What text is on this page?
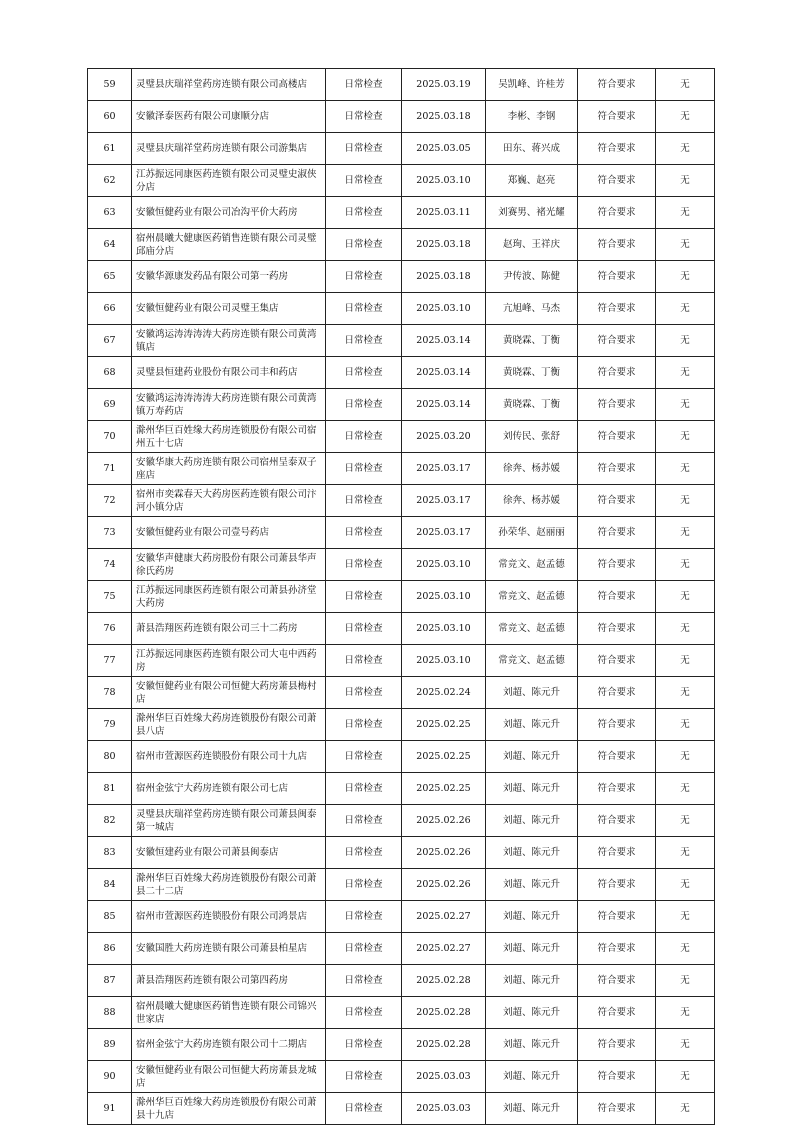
59	灵璧县庆瑞祥堂药房连锁有限公司高楼店	日常检查	2025.03.19	吴凯峰、许桂芳	符合要求	无
60	安徽泽泰医药有限公司康顺分店	日常检查	2025.03.18	李彬、李钢	符合要求	无
61	灵璧县庆瑞祥堂药房连锁有限公司游集店	日常检查	2025.03.05	田东、蒋兴成	符合要求	无
62	江苏振远同康医药连锁有限公司灵璧史淑侠分店	日常检查	2025.03.10	郑巍、赵亮	符合要求	无
63	安徽恒健药业有限公司冶沟平价大药房	日常检查	2025.03.11	刘赛男、褚光耀	符合要求	无
64	宿州晨曦大健康医药销售连锁有限公司灵璧邱庙分店	日常检查	2025.03.18	赵珣、王祥庆	符合要求	无
65	安徽华源康发药品有限公司第一药房	日常检查	2025.03.18	尹传波、陈健	符合要求	无
66	安徽恒健药业有限公司灵璧王集店	日常检查	2025.03.10	亢旭峰、马杰	符合要求	无
67	安徽鸿运涛涛涛涛大药房连锁有限公司黄湾镇店	日常检查	2025.03.14	黄晓霖、丁衡	符合要求	无
68	灵璧县恒建药业股份有限公司丰和药店	日常检查	2025.03.14	黄晓霖、丁衡	符合要求	无
69	安徽鸿运涛涛涛涛大药房连锁有限公司黄湾镇万寿药店	日常检查	2025.03.14	黄晓霖、丁衡	符合要求	无
70	滁州华巨百姓缘大药房连锁股份有限公司宿州五十七店	日常检查	2025.03.20	刘传民、张舒	符合要求	无
71	安徽华康大药房连锁有限公司宿州呈泰双子座店	日常检查	2025.03.17	徐奔、杨苏媛	符合要求	无
72	宿州市奕霖春天大药房医药连锁有限公司汴河小镇分店	日常检查	2025.03.17	徐奔、杨苏媛	符合要求	无
73	安徽恒健药业有限公司壹号药店	日常检查	2025.03.17	孙荣华、赵丽丽	符合要求	无
74	安徽华声健康大药房股份有限公司萧县华声徐氏药房	日常检查	2025.03.10	常竞文、赵孟德	符合要求	无
75	江苏振远同康医药连锁有限公司萧县孙济堂大药房	日常检查	2025.03.10	常竞文、赵孟德	符合要求	无
76	萧县浩翔医药连锁有限公司三十二药房	日常检查	2025.03.10	常竞文、赵孟德	符合要求	无
77	江苏振远同康医药连锁有限公司大屯中西药房	日常检查	2025.03.10	常竞文、赵孟德	符合要求	无
78	安徽恒健药业有限公司恒健大药房萧县梅村店	日常检查	2025.02.24	刘超、陈元升	符合要求	无
79	滁州华巨百姓缘大药房连锁股份有限公司萧县八店	日常检查	2025.02.25	刘超、陈元升	符合要求	无
80	宿州市萱源医药连锁股份有限公司十九店	日常检查	2025.02.25	刘超、陈元升	符合要求	无
81	宿州金弦宁大药房连锁有限公司七店	日常检查	2025.02.25	刘超、陈元升	符合要求	无
82	灵璧县庆瑞祥堂药房连锁有限公司萧县闽泰第一城店	日常检查	2025.02.26	刘超、陈元升	符合要求	无
83	安徽恒建药业有限公司萧县闽泰店	日常检查	2025.02.26	刘超、陈元升	符合要求	无
84	滁州华巨百姓缘大药房连锁股份有限公司萧县二十二店	日常检查	2025.02.26	刘超、陈元升	符合要求	无
85	宿州市萱源医药连锁股份有限公司鸿景店	日常检查	2025.02.27	刘超、陈元升	符合要求	无
86	安徽国胜大药房连锁有限公司萧县柏星店	日常检查	2025.02.27	刘超、陈元升	符合要求	无
87	萧县浩翔医药连锁有限公司第四药房	日常检查	2025.02.28	刘超、陈元升	符合要求	无
88	宿州晨曦大健康医药销售连锁有限公司锦兴世家店	日常检查	2025.02.28	刘超、陈元升	符合要求	无
89	宿州金弦宁大药房连锁有限公司十二期店	日常检查	2025.02.28	刘超、陈元升	符合要求	无
90	安徽恒健药业有限公司恒健大药房萧县龙城店	日常检查	2025.03.03	刘超、陈元升	符合要求	无
91	滁州华巨百姓缘大药房连锁股份有限公司萧县十九店	日常检查	2025.03.03	刘超、陈元升	符合要求	无
